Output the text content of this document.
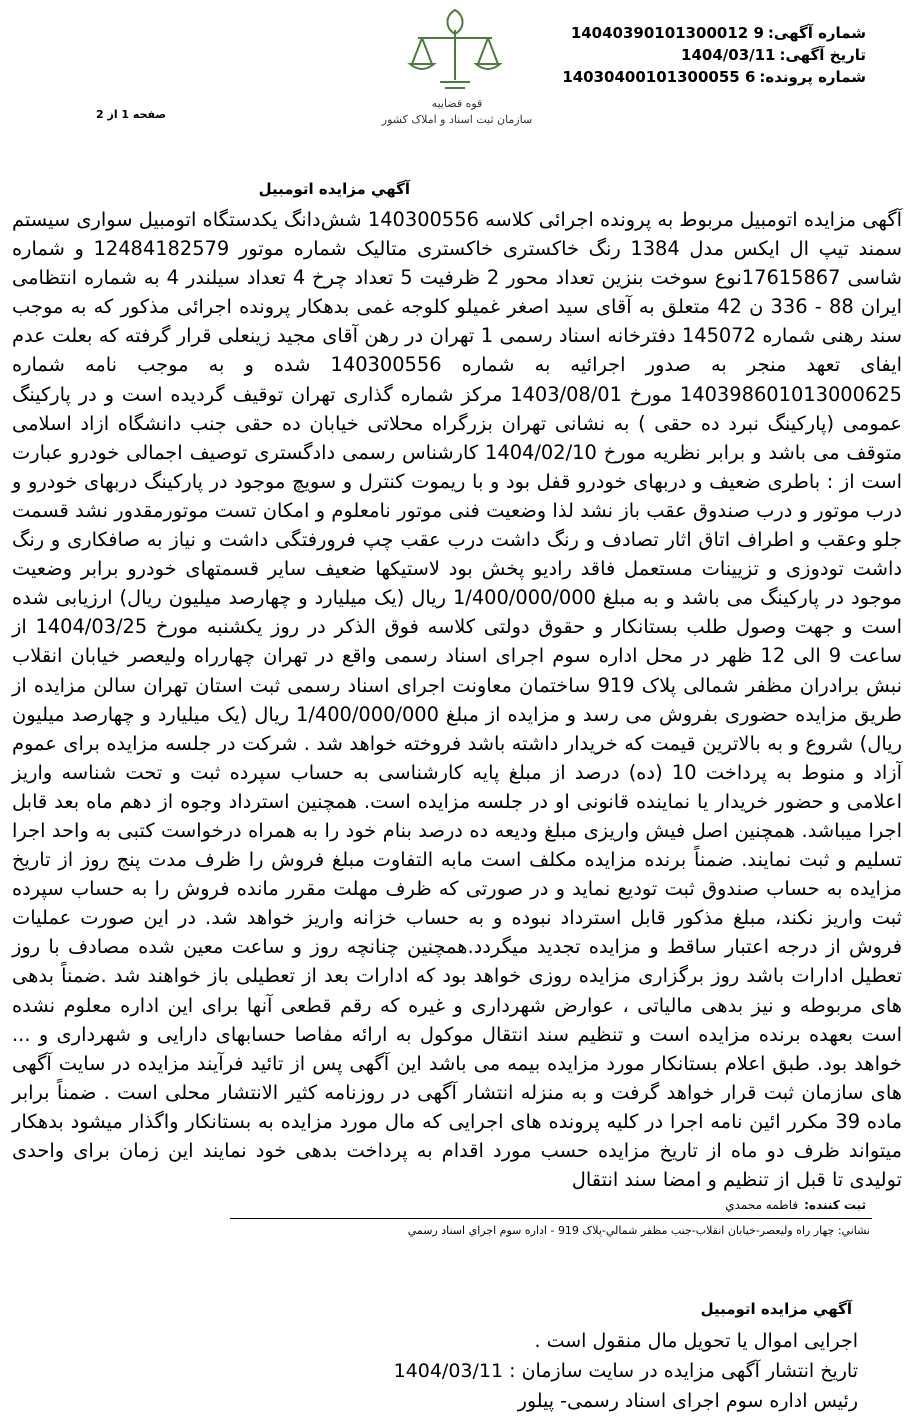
شماره آگهی:14040390101300012 9
تاریخ آگهی:1404/03/11
شماره پرونده:14030400101300055 6
قوه قضاییه
سازمان ثبت اسناد و املاک کشور
صفحه 1 از 2
آگهي مزايده اتومبيل
آگهی مزایده اتومبیل مربوط به پرونده اجرائی کلاسه 140300556 شش‌دانگ یکدستگاه اتومبیل سواری سیستم سمند تیپ ال ایکس مدل 1384 رنگ خاکستری خاکستری متالیک شماره موتور 12484182579 و شماره شاسی 17615867نوع سوخت بنزین تعداد محور 2 ظرفیت 5 تعداد چرخ 4 تعداد سیلندر 4 به شماره انتظامی ایران 88 - 336 ن 42 متعلق به آقای سید اصغر غمیلو کلوجه غمی بدهکار پرونده اجرائی مذکور که به موجب سند رهنی شماره 145072 دفترخانه اسناد رسمی 1 تهران در رهن آقای مجید زینعلی قرار گرفته که بعلت عدم ایفای تعهد منجر به صدور اجرائیه به شماره 140300556 شده و به موجب نامه شماره 140398601013000625 مورخ 1403/08/01 مرکز شماره گذاری تهران توقیف گردیده است و در پارکینگ عمومی (پارکینگ نبرد ده حقی ) به نشانی تهران بزرگراه محلاتی خیابان ده حقی جنب دانشگاه ازاد اسلامی متوقف می باشد و برابر نظریه مورخ 1404/02/10 کارشناس رسمی دادگستری توصیف اجمالی خودرو عبارت است از : باطری ضعیف و دربهای خودرو قفل بود و با ریموت کنترل و سویچ موجود در پارکینگ دربهای خودرو و درب موتور و درب صندوق عقب باز نشد لذا وضعیت فنی موتور نامعلوم و امکان تست موتورمقدور نشد قسمت جلو وعقب و اطراف اتاق اثار تصادف و رنگ داشت درب عقب چپ فرورفتگی داشت و نیاز به صافکاری و رنگ داشت تودوزی و تزیینات مستعمل فاقد رادیو پخش بود لاستیکها ضعیف سایر قسمتهای خودرو برابر وضعیت موجود در پارکینگ می باشد و به مبلغ 1/400/000/000 ریال (یک میلیارد و چهارصد میلیون ریال) ارزیابی شده است و جهت وصول طلب بستانکار و حقوق دولتی کلاسه فوق الذکر در روز یکشنبه مورخ 1404/03/25 از ساعت 9 الی 12 ظهر در محل اداره سوم اجرای اسناد رسمی واقع در تهران چهارراه ولیعصر خیابان انقلاب نبش برادران مظفر شمالی پلاک 919 ساختمان معاونت اجرای اسناد رسمی ثبت استان تهران سالن مزایده از طریق مزایده حضوری بفروش می رسد و مزایده از مبلغ 1/400/000/000 ریال (یک میلیارد و چهارصد میلیون ریال) شروع و به بالاترین قیمت که خریدار داشته باشد فروخته خواهد شد . شرکت در جلسه مزایده برای عموم آزاد و منوط به پرداخت 10 (ده) درصد از مبلغ پایه کارشناسی به حساب سپرده ثبت و تحت شناسه واریز اعلامی و حضور خریدار یا نماینده قانونی او در جلسه مزایده است. همچنین استرداد وجوه از دهم ماه بعد قابل اجرا میباشد. همچنین اصل فیش واریزی مبلغ ودیعه ده درصد بنام خود را به همراه درخواست کتبی به واحد اجرا تسلیم و ثبت نمایند. ضمناً برنده مزایده مکلف است مابه التفاوت مبلغ فروش را ظرف مدت پنج روز از تاریخ مزایده به حساب صندوق ثبت تودیع نماید و در صورتی که ظرف مهلت مقرر مانده فروش را به حساب سپرده ثبت واریز نکند، مبلغ مذکور قابل استرداد نبوده و به حساب خزانه واریز خواهد شد. در این صورت عملیات فروش از درجه اعتبار ساقط و مزایده تجدید میگردد.همچنین چنانچه روز و ساعت معین شده مصادف با روز تعطیل ادارات باشد روز برگزاری مزایده روزی خواهد بود که ادارات بعد از تعطیلی باز خواهند شد .ضمناً بدهی های مربوطه و نیز بدهی مالیاتی ، عوارض شهرداری و غیره که رقم قطعی آنها برای این اداره معلوم نشده است بعهده برنده مزایده است و تنظیم سند انتقال موکول به ارائه مفاصا حسابهای دارایی و شهرداری و ... خواهد بود. طبق اعلام بستانکار مورد مزایده بیمه می باشد این آگهی پس از تائید فرآیند مزایده در سایت آگهی های سازمان ثبت قرار خواهد گرفت و به منزله انتشار آگهی در روزنامه کثیر الانتشار محلی است . ضمناً برابر ماده 39 مکرر ائین نامه اجرا در کلیه پرونده های اجرایی که مال مورد مزایده به بستانکار واگذار میشود بدهکار میتواند ظرف دو ماه از تاریخ مزایده حسب مورد اقدام به پرداخت بدهی خود نمایند این زمان برای واحدی تولیدی تا قبل از تنظیم و امضا سند انتقال
ثبت کننده:فاطمه محمدي
نشاني: چهار راه وليعصر-خيابان انقلاب-جنب مظفر شمالي-پلاک 919 - اداره سوم اجراي اسناد رسمي
آگهي مزايده اتومبيل
اجرایی اموال یا تحویل مال منقول است .
تاریخ انتشار آگهی مزایده در سایت سازمان : 1404/03/11
رئیس اداره سوم اجرای اسناد رسمی- پیلور
